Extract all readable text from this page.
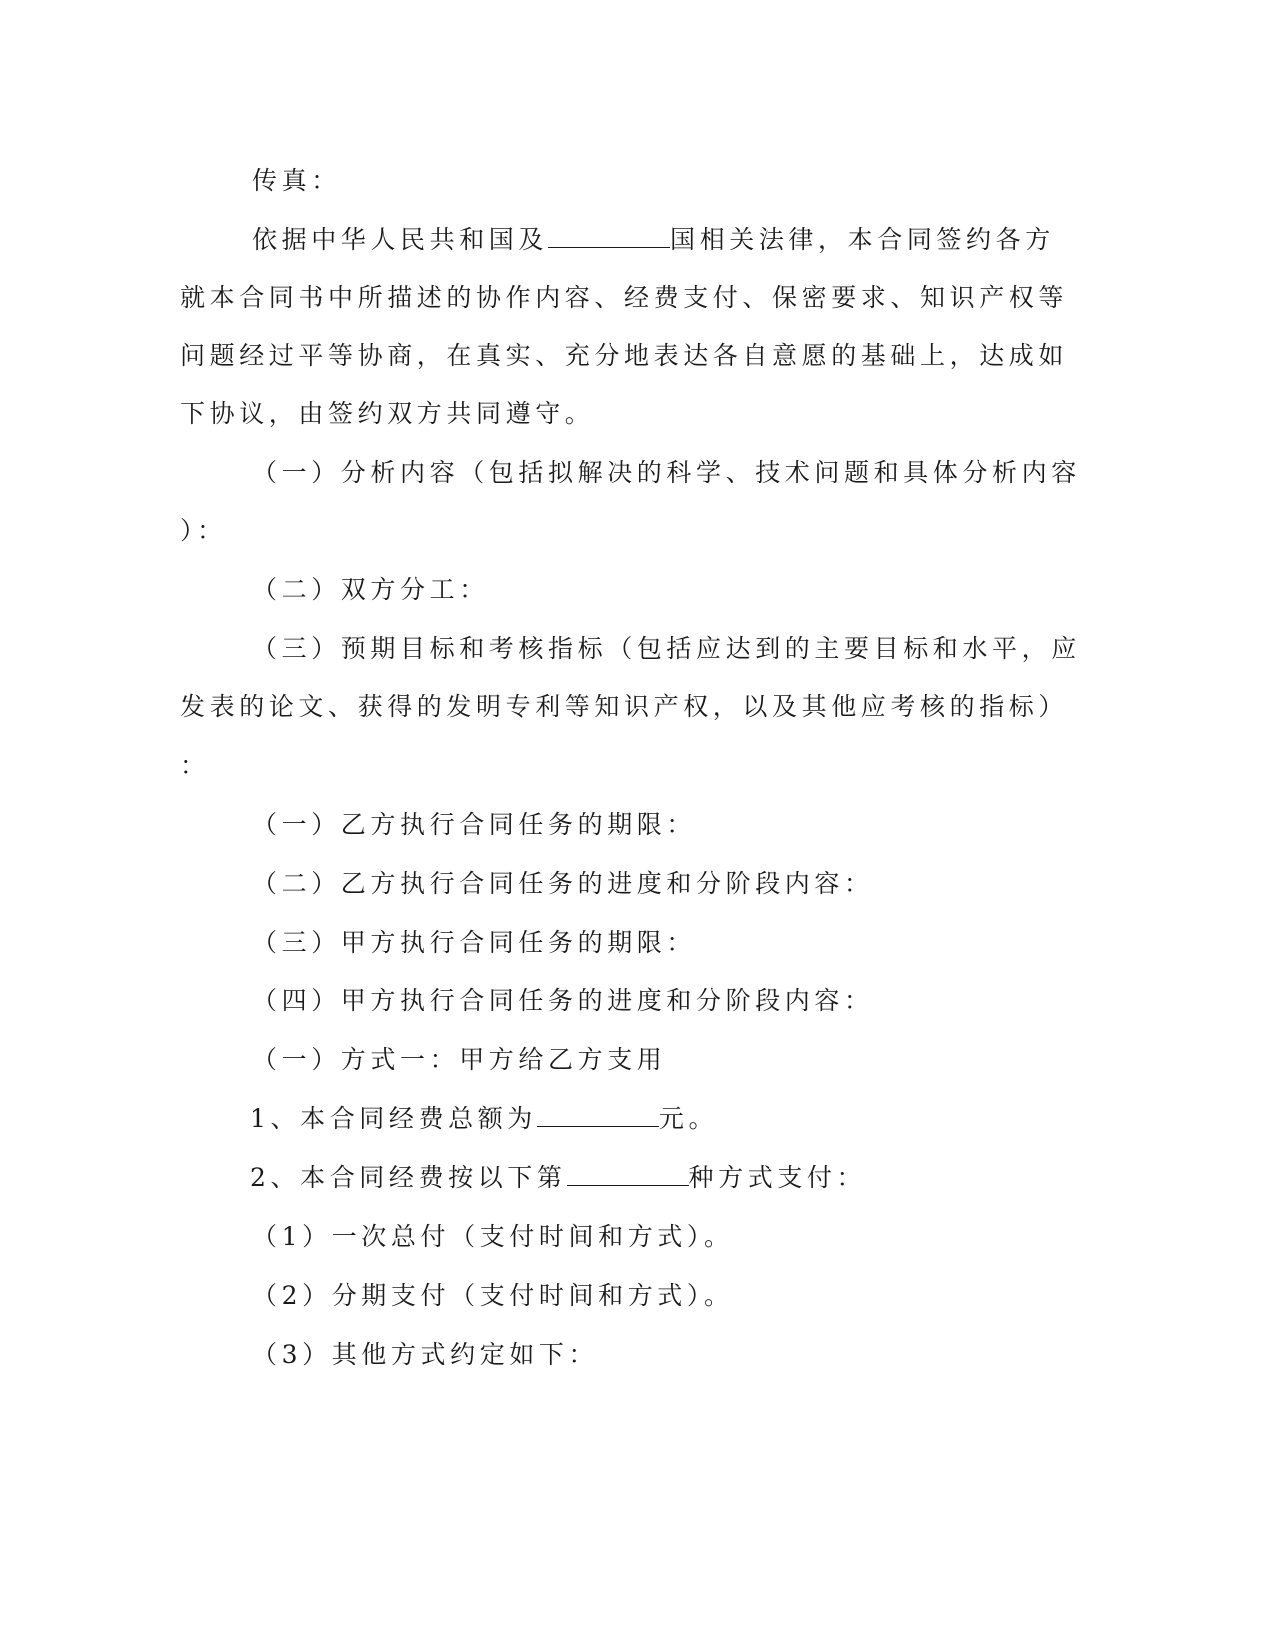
传真：
依据中华人民共和国及	国相关法律，本合同签约各方
就本合同书中所描述的协作内容、经费支付、保密要求、知识产权等
问题经过平等协商，在真实、充分地表达各自意愿的基础上，达成如
下协议，由签约双方共同遵守。
（一）分析内容（包括拟解决的科学、技术问题和具体分析内容
）：
（二）双方分工：
（三）预期目标和考核指标（包括应达到的主要目标和水平，应
发表的论文、获得的发明专利等知识产权，以及其他应考核的指标）
：
（一）乙方执行合同任务的期限：
（二）乙方执行合同任务的进度和分阶段内容：
（三）甲方执行合同任务的期限：
（四）甲方执行合同任务的进度和分阶段内容：
（一）方式一：甲方给乙方支用
1、本合同经费总额为	元。
2、本合同经费按以下第	种方式支付：
（1）一次总付（支付时间和方式）。
（2）分期支付（支付时间和方式）。
（3）其他方式约定如下：
